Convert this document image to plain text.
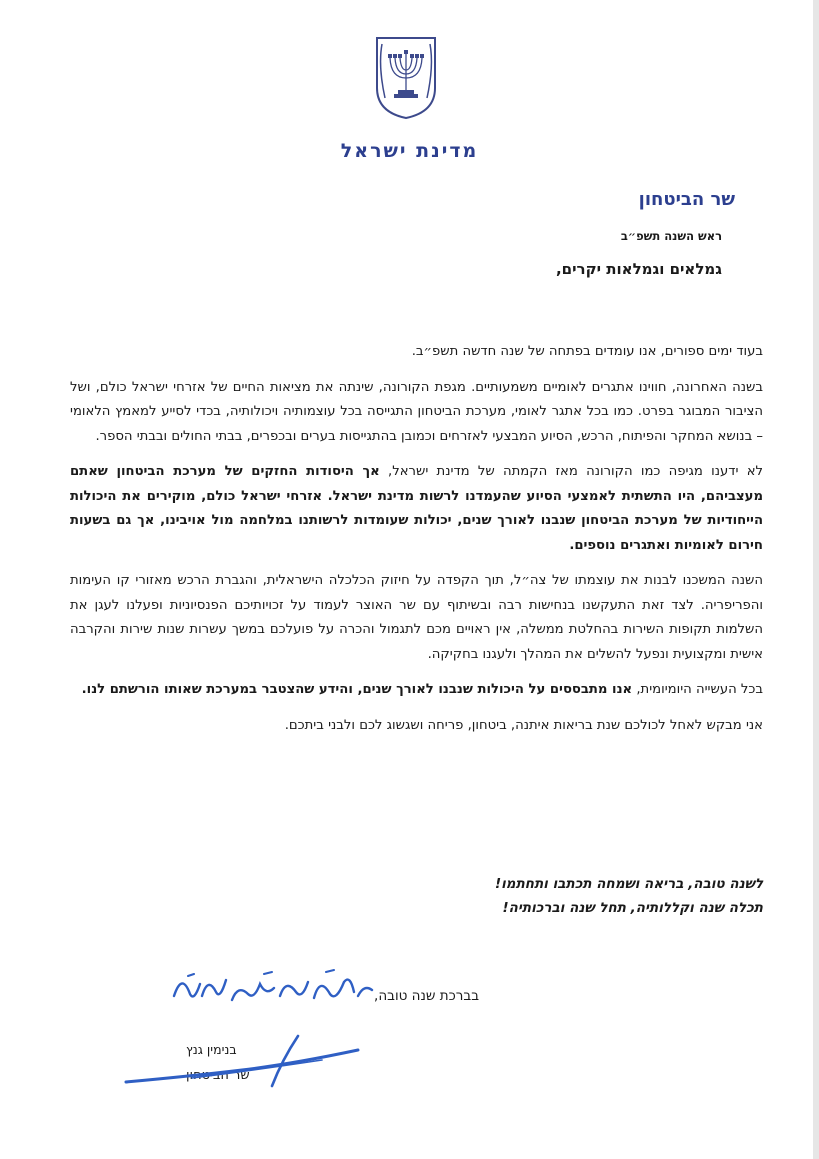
מדינת ישראל
שר הביטחון
ראש השנה תשפ״ב
גמלאים וגמלאות יקרים,

בעוד ימים ספורים, אנו עומדים בפתחה של שנה חדשה תשפ״ב.

בשנה האחרונה, חווינו אתגרים לאומיים משמעותיים. מגפת הקורונה, שינתה את מציאות החיים של אזרחי ישראל כולם, ושל הציבור המבוגר בפרט. כמו בכל אתגר לאומי, מערכת הביטחון התגייסה בכל עוצמותיה ויכולותיה, בכדי לסייע למאמץ הלאומי – בנושא המחקר והפיתוח, הרכש, הסיוע המבצעי לאזרחים וכמובן בהתגייסות בערים ובכפרים, בבתי החולים ובבתי הספר.

לא ידענו מגיפה כמו הקורונה מאז הקמתה של מדינת ישראל, אך היסודות החזקים של מערכת הביטחון שאתם מעצביהם, היו התשתית לאמצעי הסיוע שהעמדנו לרשות מדינת ישראל. אזרחי ישראל כולם, מוקירים את היכולות הייחודיות של מערכת הביטחון שנבנו לאורך שנים, יכולות שעומדות לרשותנו במלחמה מול אויבינו, אך גם בשעות חירום לאומיות ואתגרים נוספים.

השנה המשכנו לבנות את עוצמתו של צה״ל, תוך הקפדה על חיזוק הכלכלה הישראלית, והגברת הרכש מאזורי קו העימות והפריפריה. לצד זאת התעקשנו בנחישות רבה ובשיתוף עם שר האוצר לעמוד על זכויותיכם הפנסיוניות ופעלנו לעגן את השלמות תקופות השירות בהחלטת ממשלה, אין ראויים מכם לתגמול והכרה על פועלכם במשך עשרות שנות שירות והקרבה אישית ומקצועית ונפעל להשלים את המהלך ולעגנו בחקיקה.

בכל העשייה היומיומית, אנו מתבססים על היכולות שנבנו לאורך שנים, והידע שהצטבר במערכת שאותו הורשתם לנו.

אני מבקש לאחל לכולכם שנת בריאות איתנה, ביטחון, פריחה ושגשוג לכם ולבני ביתכם.

לשנה טובה, בריאה ושמחה תכתבו ותחתמו!
תכלה שנה וקללותיה, תחל שנה וברכותיה!
בברכת שנה טובה,
בנימין גנץ
שר הביטחון
